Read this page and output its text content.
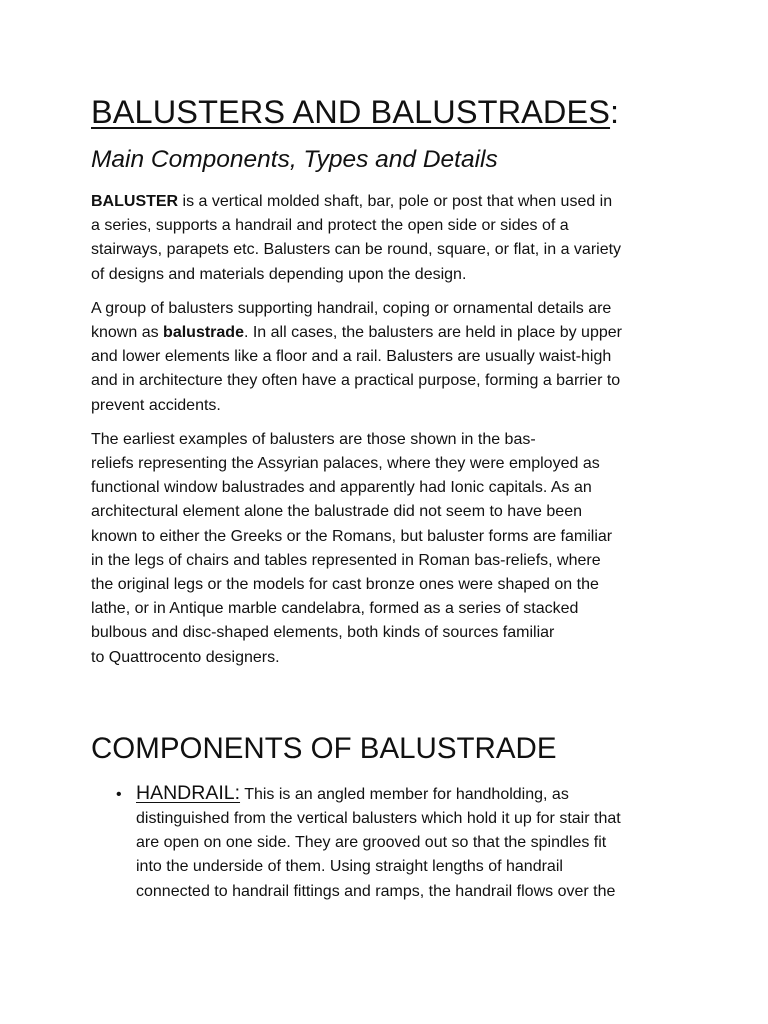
BALUSTERS AND BALUSTRADES:
Main Components, Types and Details

BALUSTER is a vertical molded shaft, bar, pole or post that when used in
a series, supports a handrail and protect the open side or sides of a
stairways, parapets etc. Balusters can be round, square, or flat, in a variety
of designs and materials depending upon the design.

A group of balusters supporting handrail, coping or ornamental details are
known as balustrade. In all cases, the balusters are held in place by upper
and lower elements like a floor and a rail. Balusters are usually waist-high
and in architecture they often have a practical purpose, forming a barrier to
prevent accidents.

The earliest examples of balusters are those shown in the bas-
reliefs representing the Assyrian palaces, where they were employed as
functional window balustrades and apparently had Ionic capitals. As an
architectural element alone the balustrade did not seem to have been
known to either the Greeks or the Romans, but baluster forms are familiar
in the legs of chairs and tables represented in Roman bas-reliefs, where
the original legs or the models for cast bronze ones were shaped on the
lathe, or in Antique marble candelabra, formed as a series of stacked
bulbous and disc-shaped elements, both kinds of sources familiar
to Quattrocento designers.

COMPONENTS OF BALUSTRADE
• HANDRAIL: This is an angled member for handholding, as
distinguished from the vertical balusters which hold it up for stair that
are open on one side. They are grooved out so that the spindles fit
into the underside of them. Using straight lengths of handrail
connected to handrail fittings and ramps, the handrail flows over the
